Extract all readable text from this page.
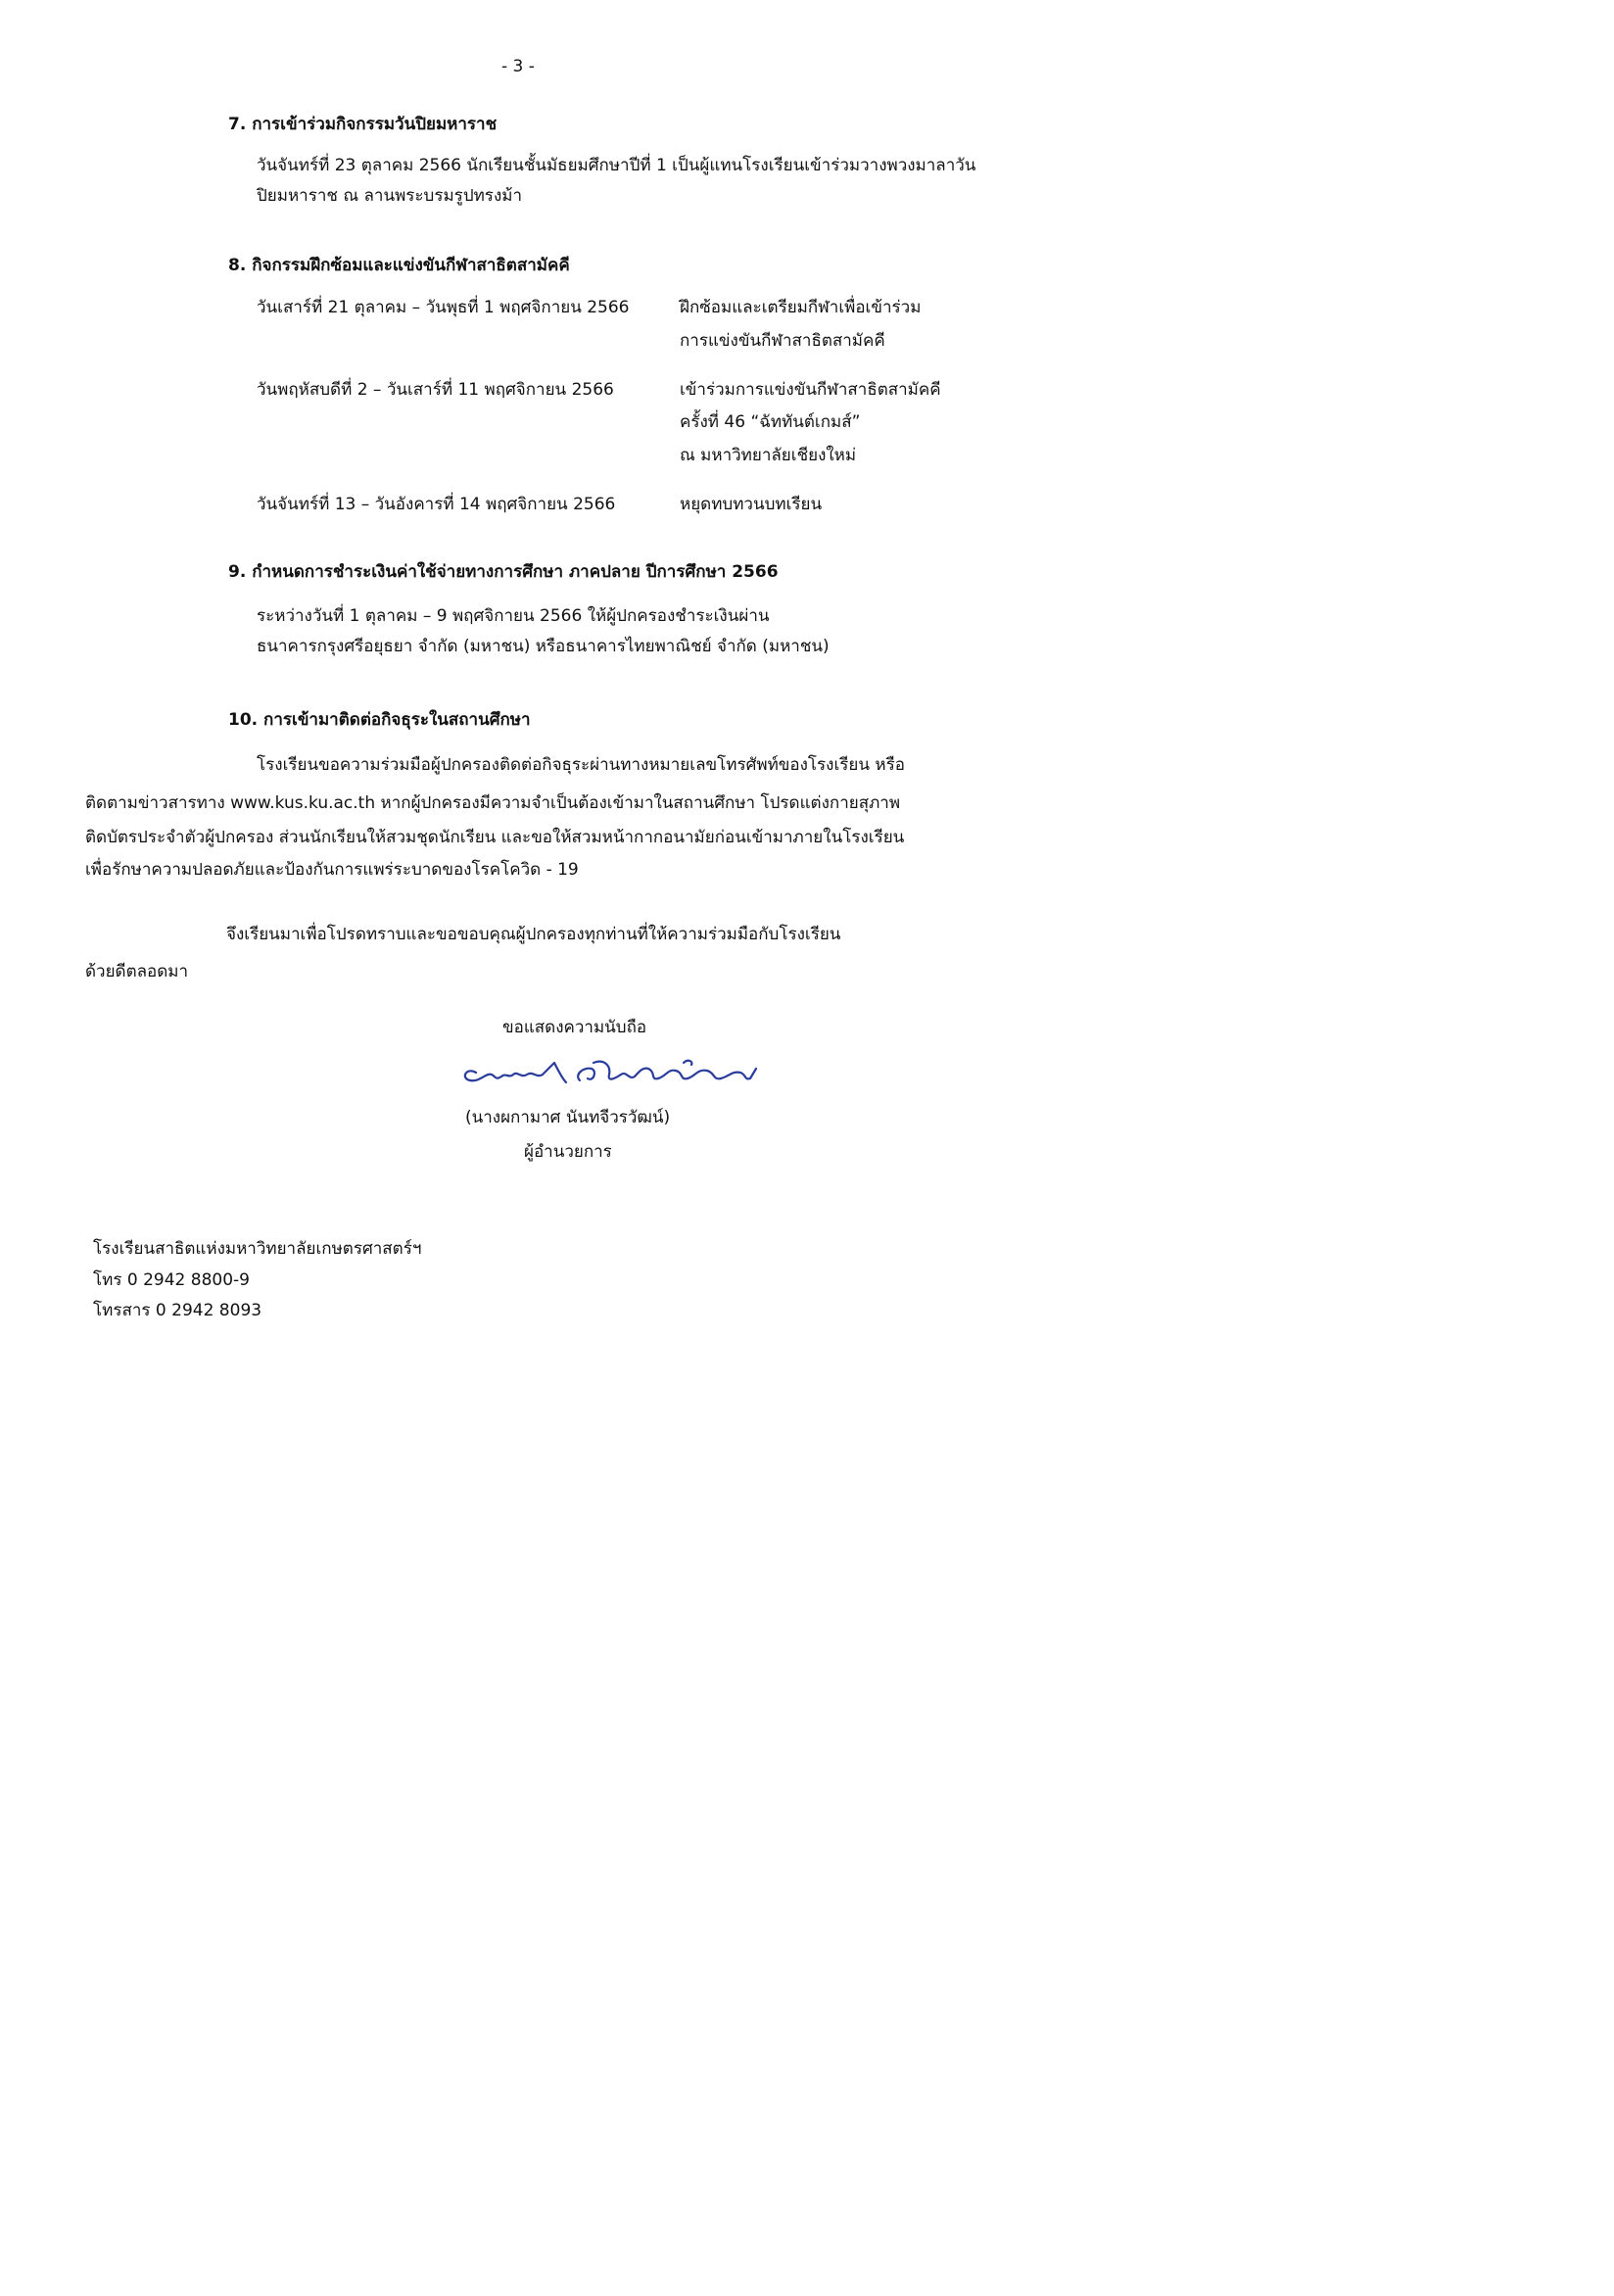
- 3 -
7. การเข้าร่วมกิจกรรมวันปิยมหาราช
วันจันทร์ที่ 23 ตุลาคม 2566 นักเรียนชั้นมัธยมศึกษาปีที่ 1 เป็นผู้แทนโรงเรียนเข้าร่วมวางพวงมาลาวัน
ปิยมหาราช ณ ลานพระบรมรูปทรงม้า
8. กิจกรรมฝึกซ้อมและแข่งขันกีฬาสาธิตสามัคคี
วันเสาร์ที่ 21 ตุลาคม – วันพุธที่ 1 พฤศจิกายน 2566	ฝึกซ้อมและเตรียมกีฬาเพื่อเข้าร่วม
การแข่งขันกีฬาสาธิตสามัคคี
วันพฤหัสบดีที่ 2 – วันเสาร์ที่ 11 พฤศจิกายน 2566	เข้าร่วมการแข่งขันกีฬาสาธิตสามัคคี
ครั้งที่ 46 “ฉัททันต์เกมส์”
ณ มหาวิทยาลัยเชียงใหม่
วันจันทร์ที่ 13 – วันอังคารที่ 14 พฤศจิกายน 2566	หยุดทบทวนบทเรียน
9. กำหนดการชำระเงินค่าใช้จ่ายทางการศึกษา ภาคปลาย ปีการศึกษา 2566
ระหว่างวันที่ 1 ตุลาคม – 9 พฤศจิกายน 2566 ให้ผู้ปกครองชำระเงินผ่าน
ธนาคารกรุงศรีอยุธยา จำกัด (มหาชน) หรือธนาคารไทยพาณิชย์ จำกัด (มหาชน)
10. การเข้ามาติดต่อกิจธุระในสถานศึกษา
โรงเรียนขอความร่วมมือผู้ปกครองติดต่อกิจธุระผ่านทางหมายเลขโทรศัพท์ของโรงเรียน หรือ
ติดตามข่าวสารทาง www.kus.ku.ac.th หากผู้ปกครองมีความจำเป็นต้องเข้ามาในสถานศึกษา โปรดแต่งกายสุภาพ
ติดบัตรประจำตัวผู้ปกครอง ส่วนนักเรียนให้สวมชุดนักเรียน และขอให้สวมหน้ากากอนามัยก่อนเข้ามาภายในโรงเรียน
เพื่อรักษาความปลอดภัยและป้องกันการแพร่ระบาดของโรคโควิด - 19
จึงเรียนมาเพื่อโปรดทราบและขอขอบคุณผู้ปกครองทุกท่านที่ให้ความร่วมมือกับโรงเรียน
ด้วยดีตลอดมา
ขอแสดงความนับถือ
(นางผกามาศ นันทจีวรวัฒน์)
ผู้อำนวยการ
โรงเรียนสาธิตแห่งมหาวิทยาลัยเกษตรศาสตร์ฯ
โทร 0 2942 8800-9
โทรสาร 0 2942 8093
